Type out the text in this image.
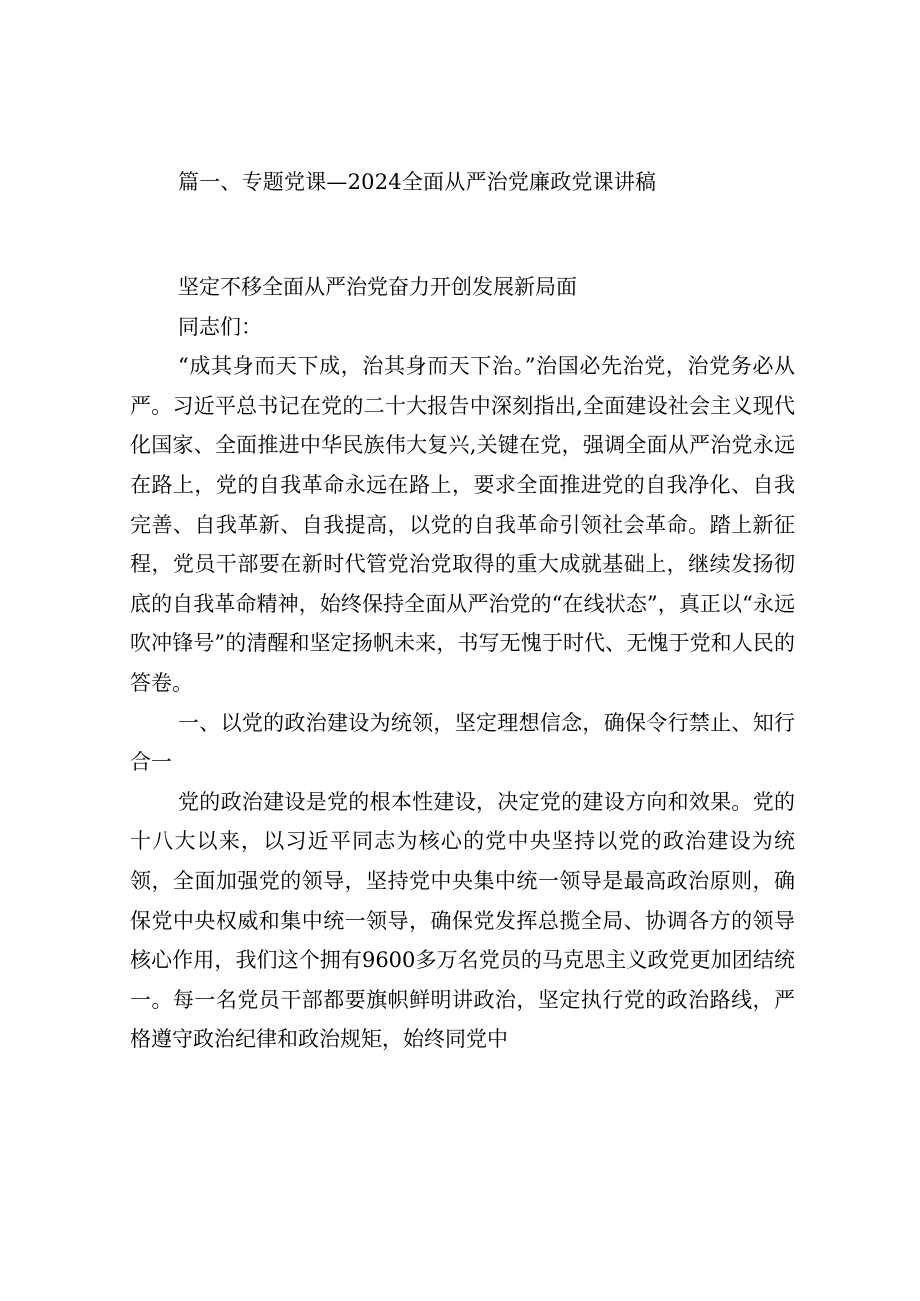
篇一、专题党课—2024全面从严治党廉政党课讲稿

坚定不移全面从严治党奋力开创发展新局面

同志们：

“成其身而天下成，治其身而天下治。”治国必先治党，治党务必从严。习近平总书记在党的二十大报告中深刻指出,全面建设社会主义现代化国家、全面推进中华民族伟大复兴,关键在党，强调全面从严治党永远在路上，党的自我革命永远在路上，要求全面推进党的自我净化、自我完善、自我革新、自我提高，以党的自我革命引领社会革命。踏上新征程，党员干部要在新时代管党治党取得的重大成就基础上，继续发扬彻底的自我革命精神，始终保持全面从严治党的“在线状态”，真正以“永远吹冲锋号”的清醒和坚定扬帆未来，书写无愧于时代、无愧于党和人民的答卷。

一、以党的政治建设为统领，坚定理想信念，确保令行禁止、知行合一

党的政治建设是党的根本性建设，决定党的建设方向和效果。党的十八大以来，以习近平同志为核心的党中央坚持以党的政治建设为统领，全面加强党的领导，坚持党中央集中统一领导是最高政治原则，确保党中央权威和集中统一领导，确保党发挥总揽全局、协调各方的领导核心作用，我们这个拥有9600多万名党员的马克思主义政党更加团结统一。每一名党员干部都要旗帜鲜明讲政治，坚定执行党的政治路线，严格遵守政治纪律和政治规矩，始终同党中
